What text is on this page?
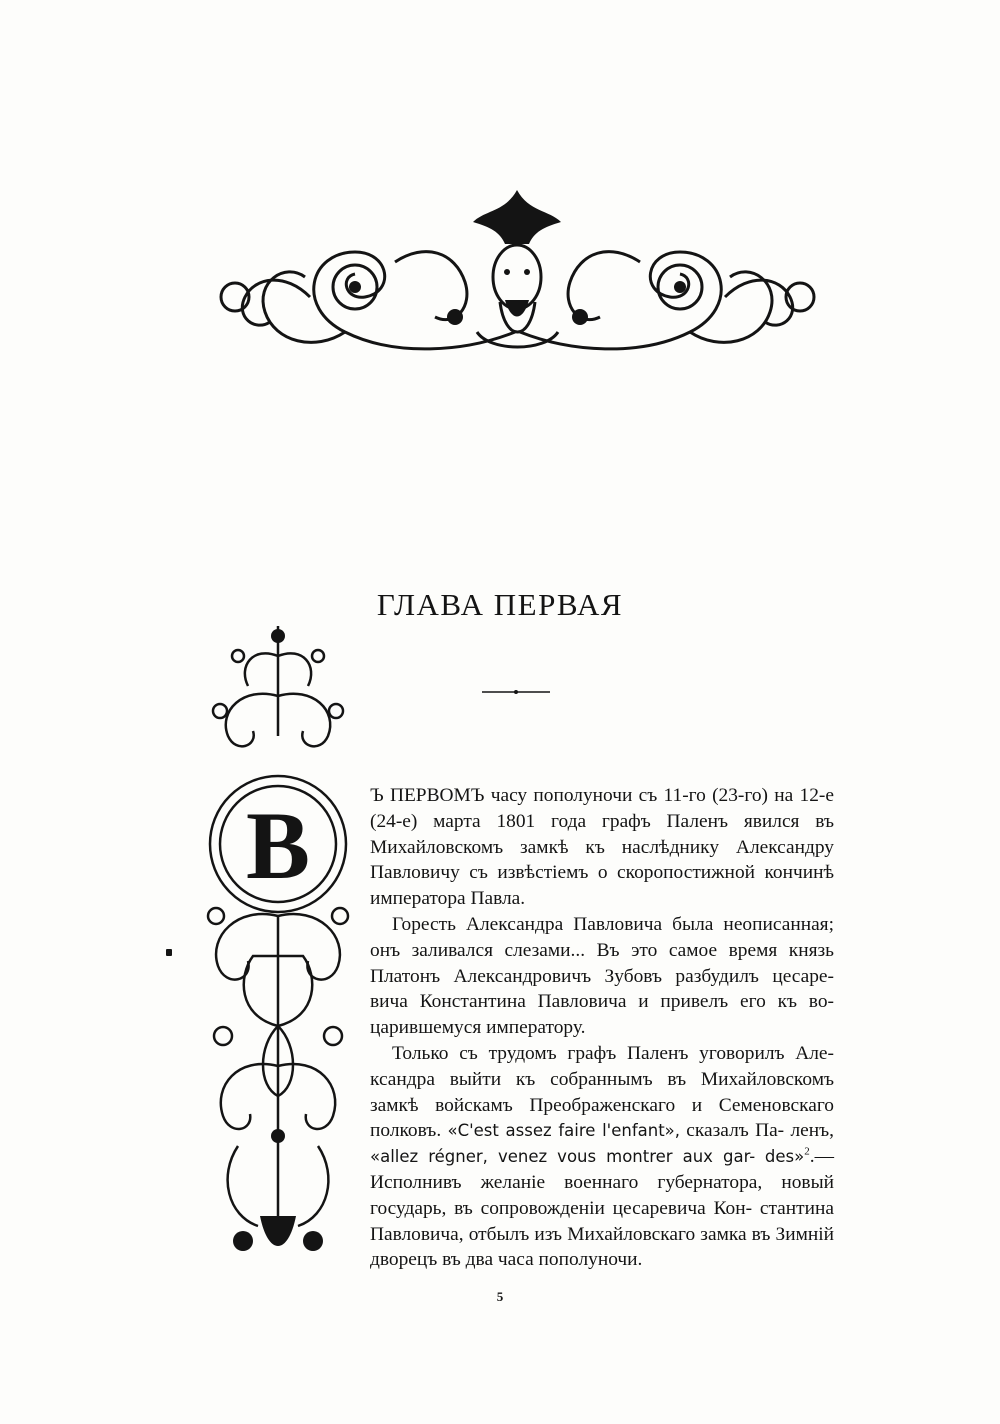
ГЛАВА ПЕРВАЯ
В	Ъ ПЕРВОМЪ часу пополуночи съ 11-го (23-го) на 12-е (24-е) марта 1801 года графъ Паленъ явился въ Михайловскомъ замкѣ къ наслѣднику Александру Павловичу съ извѣстіемъ о скоропостижной кончинѣ императора Павла.

Горесть Александра Павловича была неописанная; онъ заливался слезами... Въ это самое время князь Платонъ Александровичъ Зубовъ разбудилъ цесаре- вича Константина Павловича и привелъ его къ во- царившемуся императору.

Только съ трудомъ графъ Паленъ уговорилъ Але- ксандра выйти къ собраннымъ въ Михайловскомъ замкѣ войскамъ Преображенскаго и Семеновскаго полковъ. «C'est assez faire l'enfant», сказалъ Па- ленъ, «allez régner, venez vous montrer aux gar- des»$^2$.— Исполнивъ желаніе военнаго губернатора, новый государь, въ сопровожденіи цесаревича Кон- стантина Павловича, отбылъ изъ Михайловскаго замка въ Зимній дворецъ въ два часа пополуночи.

5
